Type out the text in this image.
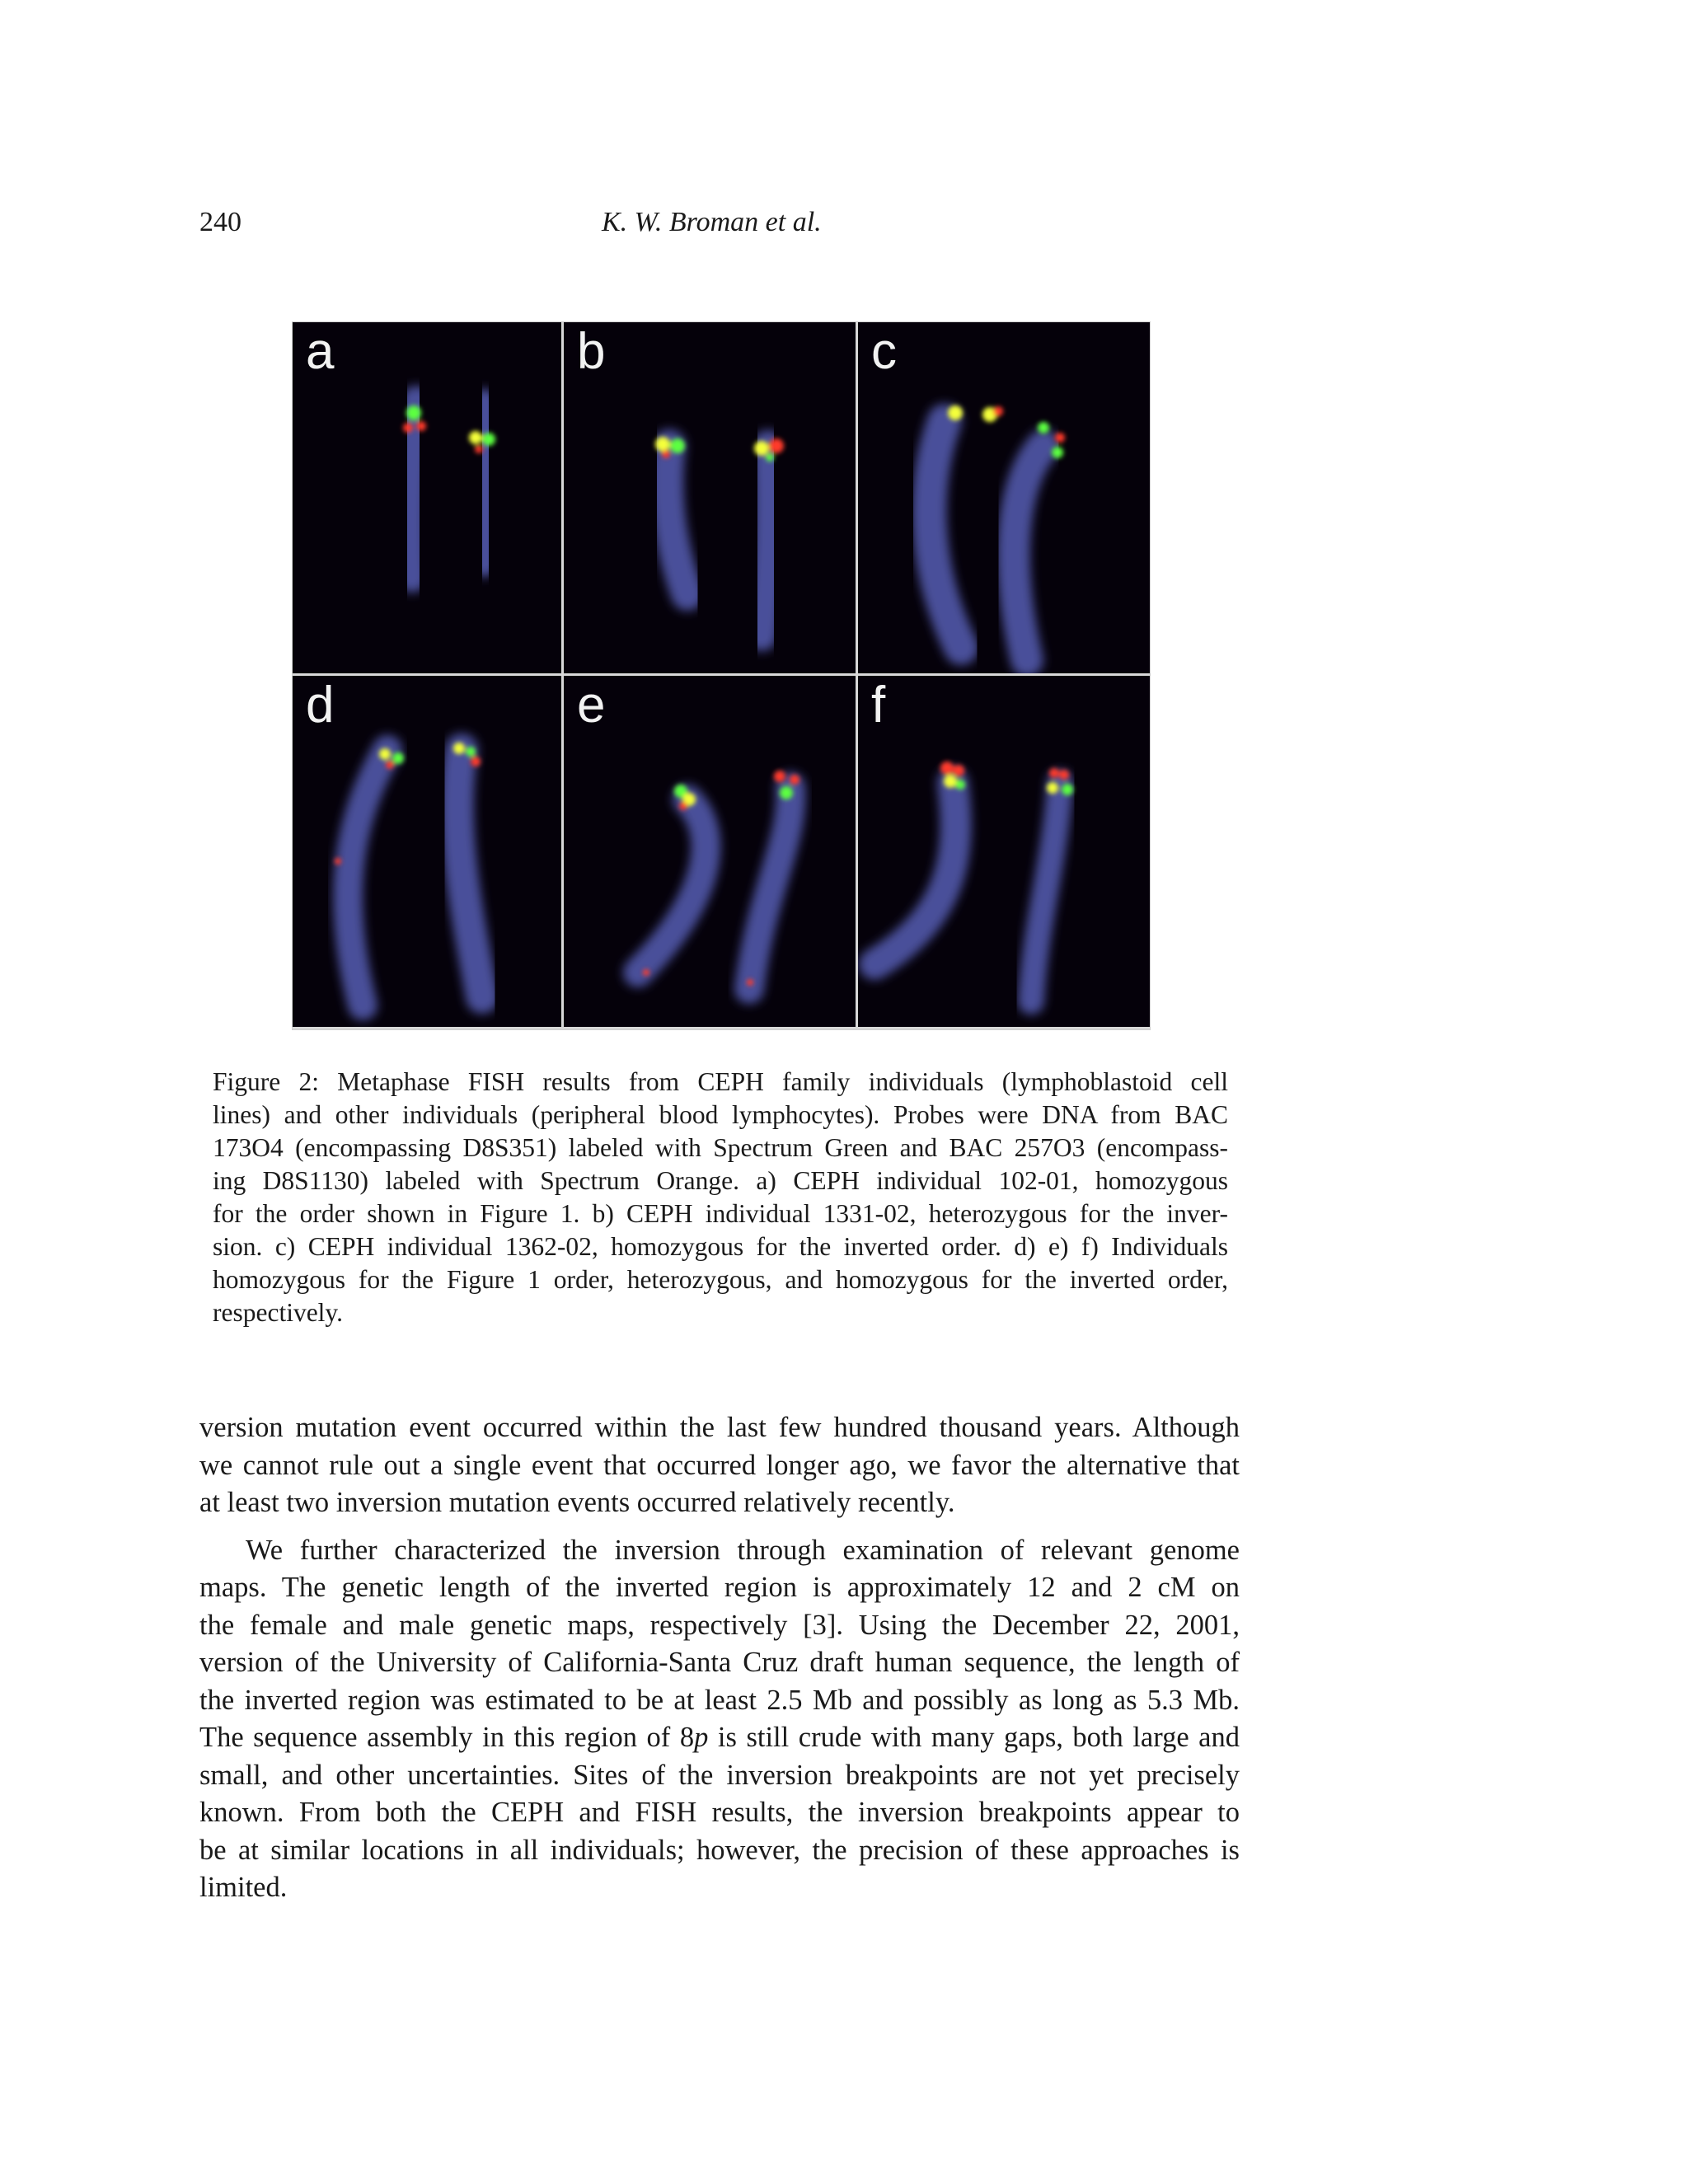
240	K. W. Broman et al.
a	b	c
d	e	f
Figure 2: Metaphase FISH results from CEPH family individuals (lymphoblastoid cell
lines) and other individuals (peripheral blood lymphocytes). Probes were DNA from BAC
173O4 (encompassing D8S351) labeled with Spectrum Green and BAC 257O3 (encompass-
ing D8S1130) labeled with Spectrum Orange. a) CEPH individual 102-01, homozygous
for the order shown in Figure 1. b) CEPH individual 1331-02, heterozygous for the inver-
sion. c) CEPH individual 1362-02, homozygous for the inverted order. d) e) f) Individuals
homozygous for the Figure 1 order, heterozygous, and homozygous for the inverted order,
respectively.

version mutation event occurred within the last few hundred thousand years. Although
we cannot rule out a single event that occurred longer ago, we favor the alternative that
at least two inversion mutation events occurred relatively recently.

We further characterized the inversion through examination of relevant genome
maps. The genetic length of the inverted region is approximately 12 and 2 cM on
the female and male genetic maps, respectively [3]. Using the December 22, 2001,
version of the University of California-Santa Cruz draft human sequence, the length of
the inverted region was estimated to be at least 2.5 Mb and possibly as long as 5.3 Mb.
The sequence assembly in this region of 8p is still crude with many gaps, both large and
small, and other uncertainties. Sites of the inversion breakpoints are not yet precisely
known. From both the CEPH and FISH results, the inversion breakpoints appear to
be at similar locations in all individuals; however, the precision of these approaches is
limited.
